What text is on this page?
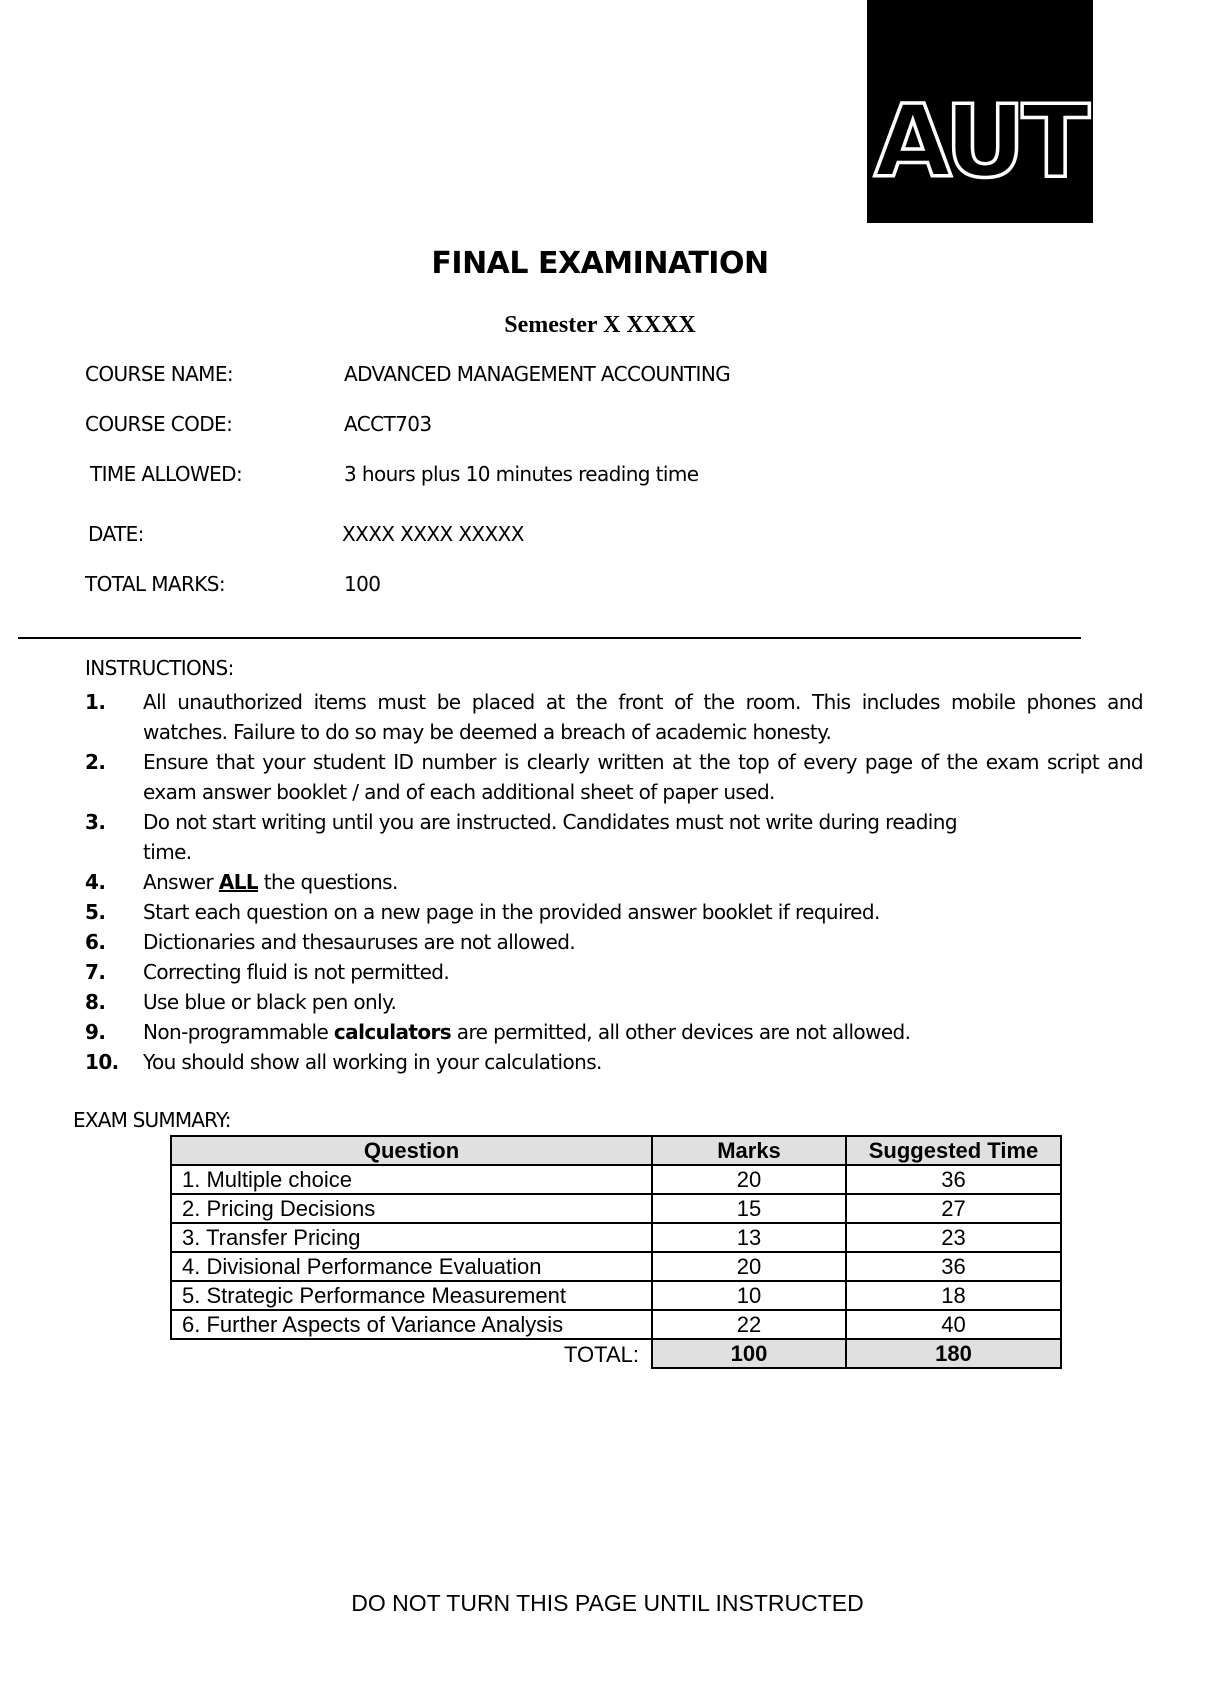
AUT
FINAL EXAMINATION
Semester X XXXX
COURSE NAME:	ADVANCED MANAGEMENT ACCOUNTING
COURSE CODE:	ACCT703
TIME ALLOWED:	3 hours plus 10 minutes reading time
DATE:	XXXX XXXX XXXXX
TOTAL MARKS:	100
INSTRUCTIONS:
1.	All unauthorized items must be placed at the front of the room. This includes mobile phones and watches. Failure to do so may be deemed a breach of academic honesty.
2.	Ensure that your student ID number is clearly written at the top of every page of the exam script and exam answer booklet / and of each additional sheet of paper used.
3.	Do not start writing until you are instructed. Candidates must not write during reading
time.
4.	Answer ALL the questions.
5.	Start each question on a new page in the provided answer booklet if required.
6.	Dictionaries and thesauruses are not allowed.
7.	Correcting fluid is not permitted.
8.	Use blue or black pen only.
9.	Non-programmable calculators are permitted, all other devices are not allowed.
10.	You should show all working in your calculations.
EXAM SUMMARY:
Question	Marks	Suggested Time
1. Multiple choice	20	36
2. Pricing Decisions	15	27
3. Transfer Pricing	13	23
4. Divisional Performance Evaluation	20	36
5. Strategic Performance Measurement	10	18
6. Further Aspects of Variance Analysis	22	40
TOTAL:	100	180
DO NOT TURN THIS PAGE UNTIL INSTRUCTED
